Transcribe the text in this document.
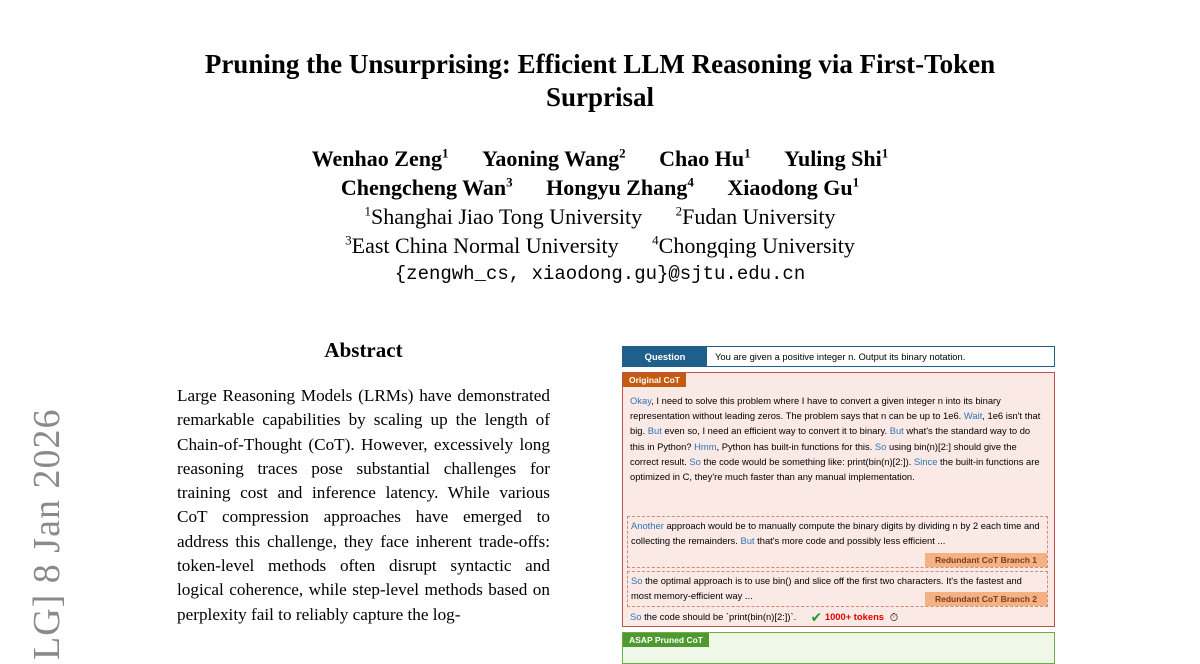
LG] 8 Jan 2026
Pruning the Unsurprising: Efficient LLM Reasoning via First-Token Surprisal
Wenhao Zeng$^1$ Yaoning Wang$^2$ Chao Hu$^1$ Yuling Shi$^1$
Chengcheng Wan$^3$ Hongyu Zhang$^4$ Xiaodong Gu$^1$
$^1$Shanghai Jiao Tong University	$^2$Fudan University
$^3$East China Normal University	$^4$Chongqing University
{zengwh_cs, xiaodong.gu}@sjtu.edu.cn
Abstract

Large Reasoning Models (LRMs) have demonstrated remarkable capabilities by scaling up the length of Chain-of-Thought (CoT). However, excessively long reasoning traces pose substantial challenges for training cost and inference latency. While various CoT compression approaches have emerged to address this challenge, they face inherent trade-offs: token-level methods often disrupt syntactic and logical coherence, while step-level methods based on perplexity fail to reliably capture the log-

Question	You are given a positive integer n. Output its binary notation.
Original CoT
Okay, I need to solve this problem where I have to convert a given integer n into its binary representation without leading zeros. The problem says that n can be up to 1e6. Wait, 1e6 isn't that big. But even so, I need an efficient way to convert it to binary. But what's the standard way to do this in Python? Hmm, Python has built-in functions for this. So using bin(n)[2:] should give the correct result. So the code would be something like: print(bin(n)[2:]). Since the built-in functions are optimized in C, they're much faster than any manual implementation.
Another approach would be to manually compute the binary digits by dividing n by 2 each time and collecting the remainders. But that's more code and possibly less efficient ...
Redundant CoT Branch 1
So the optimal approach is to use bin() and slice off the first two characters. It's the fastest and most memory-efficient way ...	Redundant CoT Branch 2
So the code should be `print(bin(n)[2:])`.    ✔ 1000+ tokens  ⏱
ASAP Pruned CoT
